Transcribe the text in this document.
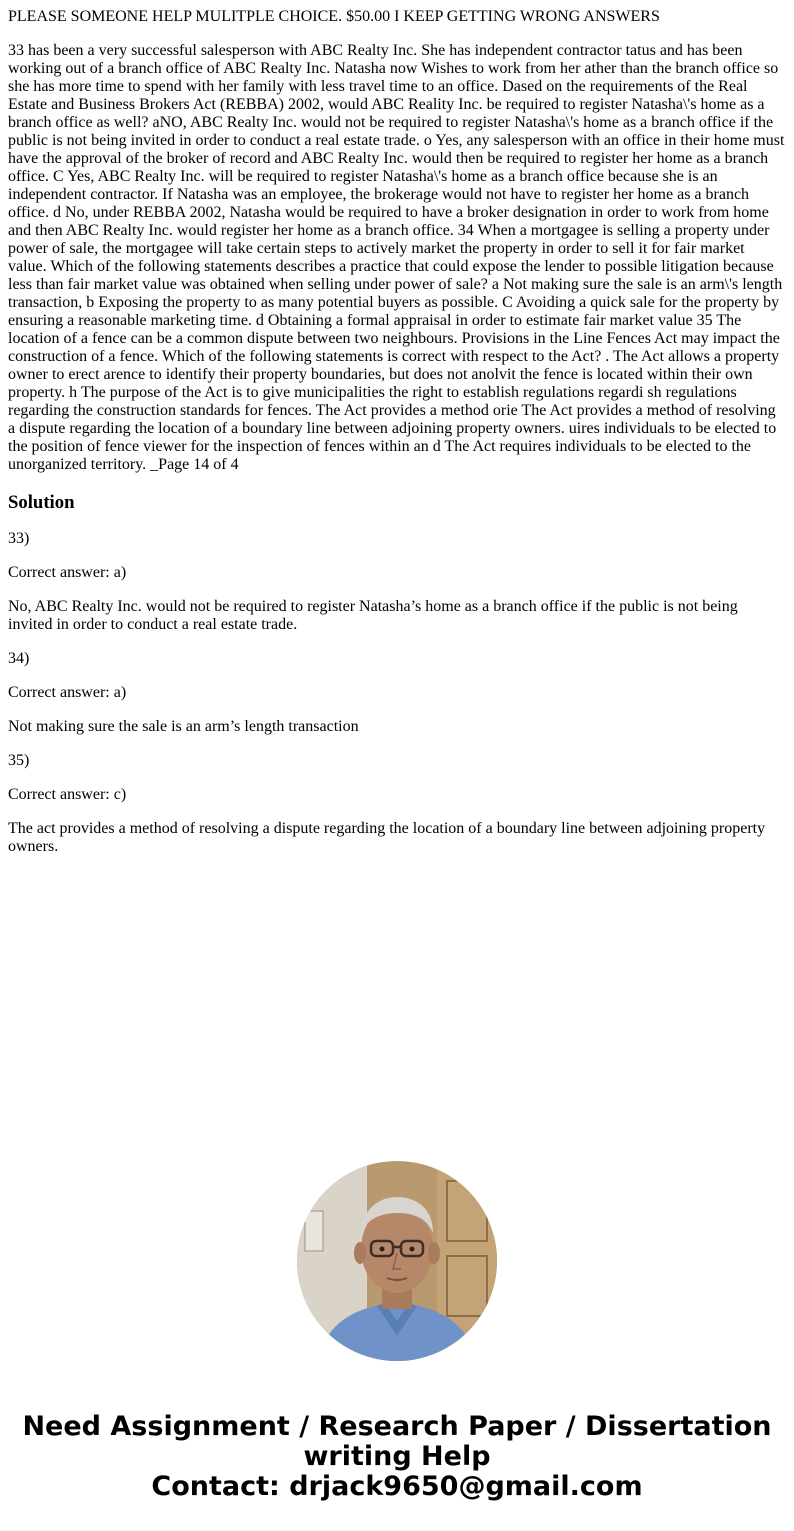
PLEASE SOMEONE HELP MULITPLE CHOICE. $50.00 I KEEP GETTING WRONG ANSWERS

33 has been a very successful salesperson with ABC Realty Inc. She has independent contractor tatus and has been working out of a branch office of ABC Realty Inc. Natasha now Wishes to work from her ather than the branch office so she has more time to spend with her family with less travel time to an office. Dased on the requirements of the Real Estate and Business Brokers Act (REBBA) 2002, would ABC Reality Inc. be required to register Natasha\'s home as a branch office as well? aNO, ABC Realty Inc. would not be required to register Natasha\'s home as a branch office if the public is not being invited in order to conduct a real estate trade. o Yes, any salesperson with an office in their home must have the approval of the broker of record and ABC Realty Inc. would then be required to register her home as a branch office. C Yes, ABC Realty Inc. will be required to register Natasha\'s home as a branch office because she is an independent contractor. If Natasha was an employee, the brokerage would not have to register her home as a branch office. d No, under REBBA 2002, Natasha would be required to have a broker designation in order to work from home and then ABC Realty Inc. would register her home as a branch office. 34 When a mortgagee is selling a property under power of sale, the mortgagee will take certain steps to actively market the property in order to sell it for fair market value. Which of the following statements describes a practice that could expose the lender to possible litigation because less than fair market value was obtained when selling under power of sale? a Not making sure the sale is an arm\'s length transaction, b Exposing the property to as many potential buyers as possible. C Avoiding a quick sale for the property by ensuring a reasonable marketing time. d Obtaining a formal appraisal in order to estimate fair market value 35 The location of a fence can be a common dispute between two neighbours. Provisions in the Line Fences Act may impact the construction of a fence. Which of the following statements is correct with respect to the Act? . The Act allows a property owner to erect arence to identify their property boundaries, but does not anolvit the fence is located within their own property. h The purpose of the Act is to give municipalities the right to establish regulations regardi sh regulations regarding the construction standards for fences. The Act provides a method orie The Act provides a method of resolving a dispute regarding the location of a boundary line between adjoining property owners. uires individuals to be elected to the position of fence viewer for the inspection of fences within an d The Act requires individuals to be elected to the unorganized territory. _Page 14 of 4

Solution

33)

Correct answer: a)

No, ABC Realty Inc. would not be required to register Natasha’s home as a branch office if the public is not being invited in order to conduct a real estate trade.

34)

Correct answer: a)

Not making sure the sale is an arm’s length transaction

35)

Correct answer: c)

The act provides a method of resolving a dispute regarding the location of a boundary line between adjoining property owners.

Need Assignment / Research Paper / Dissertation
writing Help
Contact: drjack9650@gmail.com
